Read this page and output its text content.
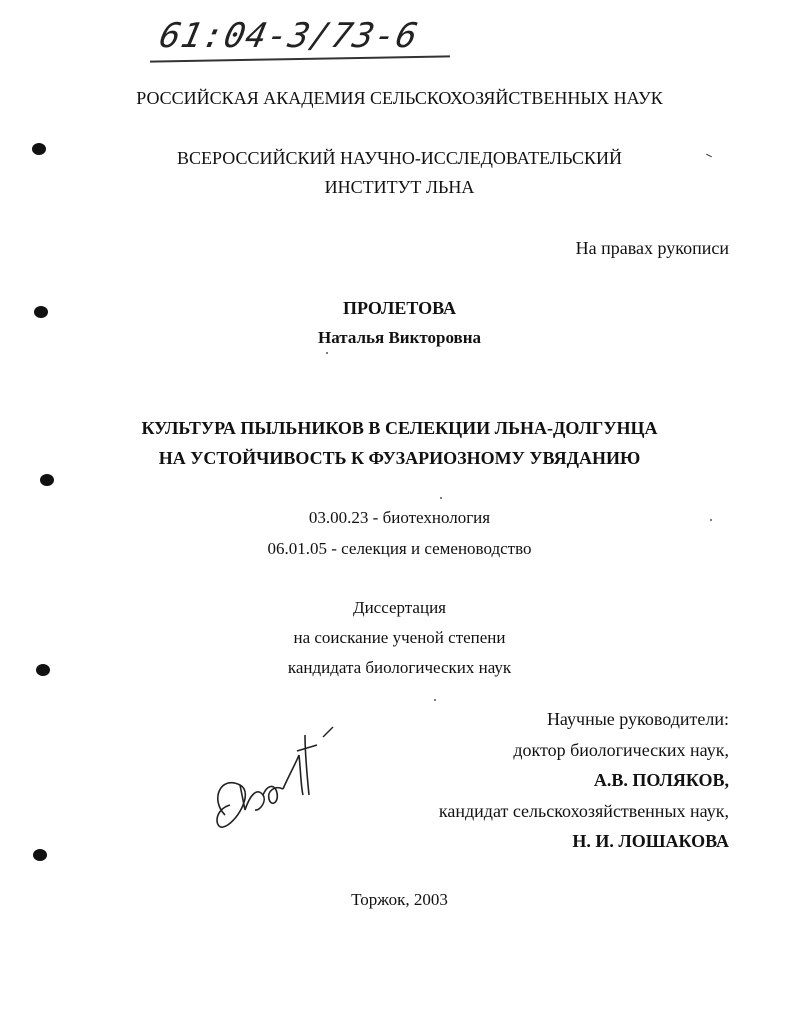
61:04-3/73-6
РОССИЙСКАЯ АКАДЕМИЯ СЕЛЬСКОХОЗЯЙСТВЕННЫХ НАУК
ВСЕРОССИЙСКИЙ НАУЧНО-ИССЛЕДОВАТЕЛЬСКИЙ
ИНСТИТУТ ЛЬНА
На правах рукописи
ПРОЛЕТОВА
Наталья Викторовна
КУЛЬТУРА ПЫЛЬНИКОВ В СЕЛЕКЦИИ ЛЬНА-ДОЛГУНЦА
НА УСТОЙЧИВОСТЬ К ФУЗАРИОЗНОМУ УВЯДАНИЮ
03.00.23 - биотехнология
06.01.05 - селекция и семеноводство
Диссертация
на соискание ученой степени
кандидата биологических наук
Научные руководители:
доктор биологических наук,
А.В. ПОЛЯКОВ,
кандидат сельскохозяйственных наук,
Н. И. ЛОШАКОВА
Торжок, 2003
